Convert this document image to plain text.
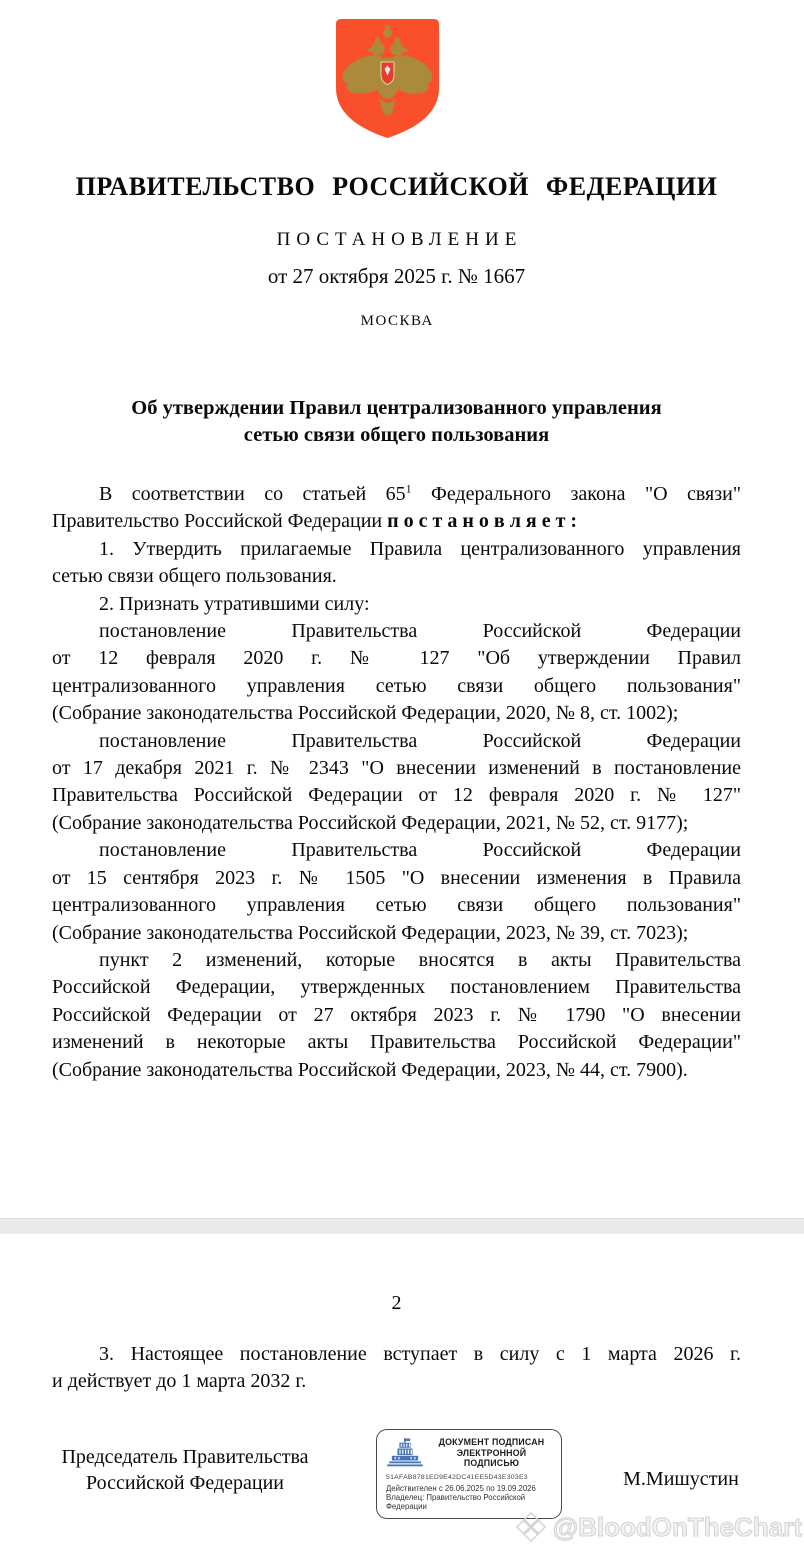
ПРАВИТЕЛЬСТВО РОССИЙСКОЙ ФЕДЕРАЦИИ
ПОСТАНОВЛЕНИЕ
от 27 октября 2025 г. № 1667
МОСКВА
Об утверждении Правил централизованного управления
сетью связи общего пользования
В соответствии со статьей 65$^1$ Федерального закона "О связи"
Правительство Российской Федерации п о с т а н о в л я е т :
1. Утвердить прилагаемые Правила централизованного управления
сетью связи общего пользования.
2. Признать утратившими силу:
постановление Правительства Российской Федерации
от 12 февраля 2020 г. № 127 "Об утверждении Правил
централизованного управления сетью связи общего пользования"
(Собрание законодательства Российской Федерации, 2020, № 8, ст. 1002);
постановление Правительства Российской Федерации
от 17 декабря 2021 г. № 2343 "О внесении изменений в постановление
Правительства Российской Федерации от 12 февраля 2020 г. № 127"
(Собрание законодательства Российской Федерации, 2021, № 52, ст. 9177);
постановление Правительства Российской Федерации
от 15 сентября 2023 г. № 1505 "О внесении изменения в Правила
централизованного управления сетью связи общего пользования"
(Собрание законодательства Российской Федерации, 2023, № 39, ст. 7023);
пункт 2 изменений, которые вносятся в акты Правительства
Российской Федерации, утвержденных постановлением Правительства
Российской Федерации от 27 октября 2023 г. № 1790 "О внесении
изменений в некоторые акты Правительства Российской Федерации"
(Собрание законодательства Российской Федерации, 2023, № 44, ст. 7900).
2
3. Настоящее постановление вступает в силу с 1 марта 2026 г.
и действует до 1 марта 2032 г.
Председатель Правительства
Российской Федерации
ДОКУМЕНТ ПОДПИСАН
ЭЛЕКТРОННОЙ ПОДПИСЬЮ
51AFAB8781ED9E42DC41EE5D43E303E3
Действителен с 26.06.2025 по 19.09.2026
Владелец: Правительство Российской Федерации
М.Мишустин
@BloodOnTheChart
